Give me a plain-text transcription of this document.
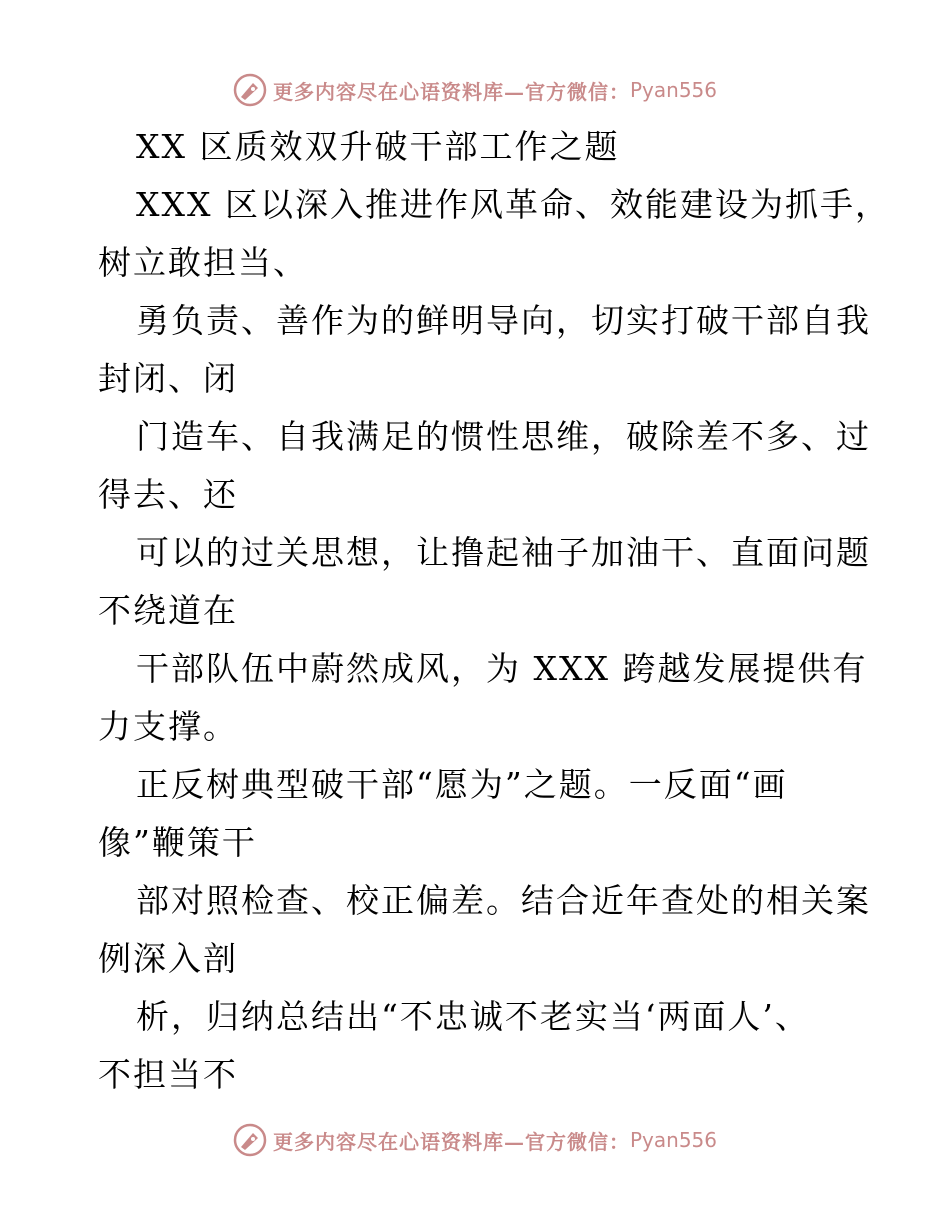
更多内容尽在心语资料库—官方微信： Pyan556
XX 区质效双升破干部工作之题
XXX 区以深入推进作风革命、效能建设为抓手，
树立敢担当、
勇负责、善作为的鲜明导向，切实打破干部自我
封闭、闭
门造车、自我满足的惯性思维，破除差不多、过
得去、还
可以的过关思想，让撸起袖子加油干、直面问题
不绕道在
干部队伍中蔚然成风，为 XXX 跨越发展提供有
力支撑。
正反树典型破干部“愿为”之题。一反面“画
像”鞭策干
部对照检查、校正偏差。结合近年查处的相关案
例深入剖
析，归纳总结出“不忠诚不老实当‘两面人’、
不担当不
更多内容尽在心语资料库—官方微信： Pyan556
